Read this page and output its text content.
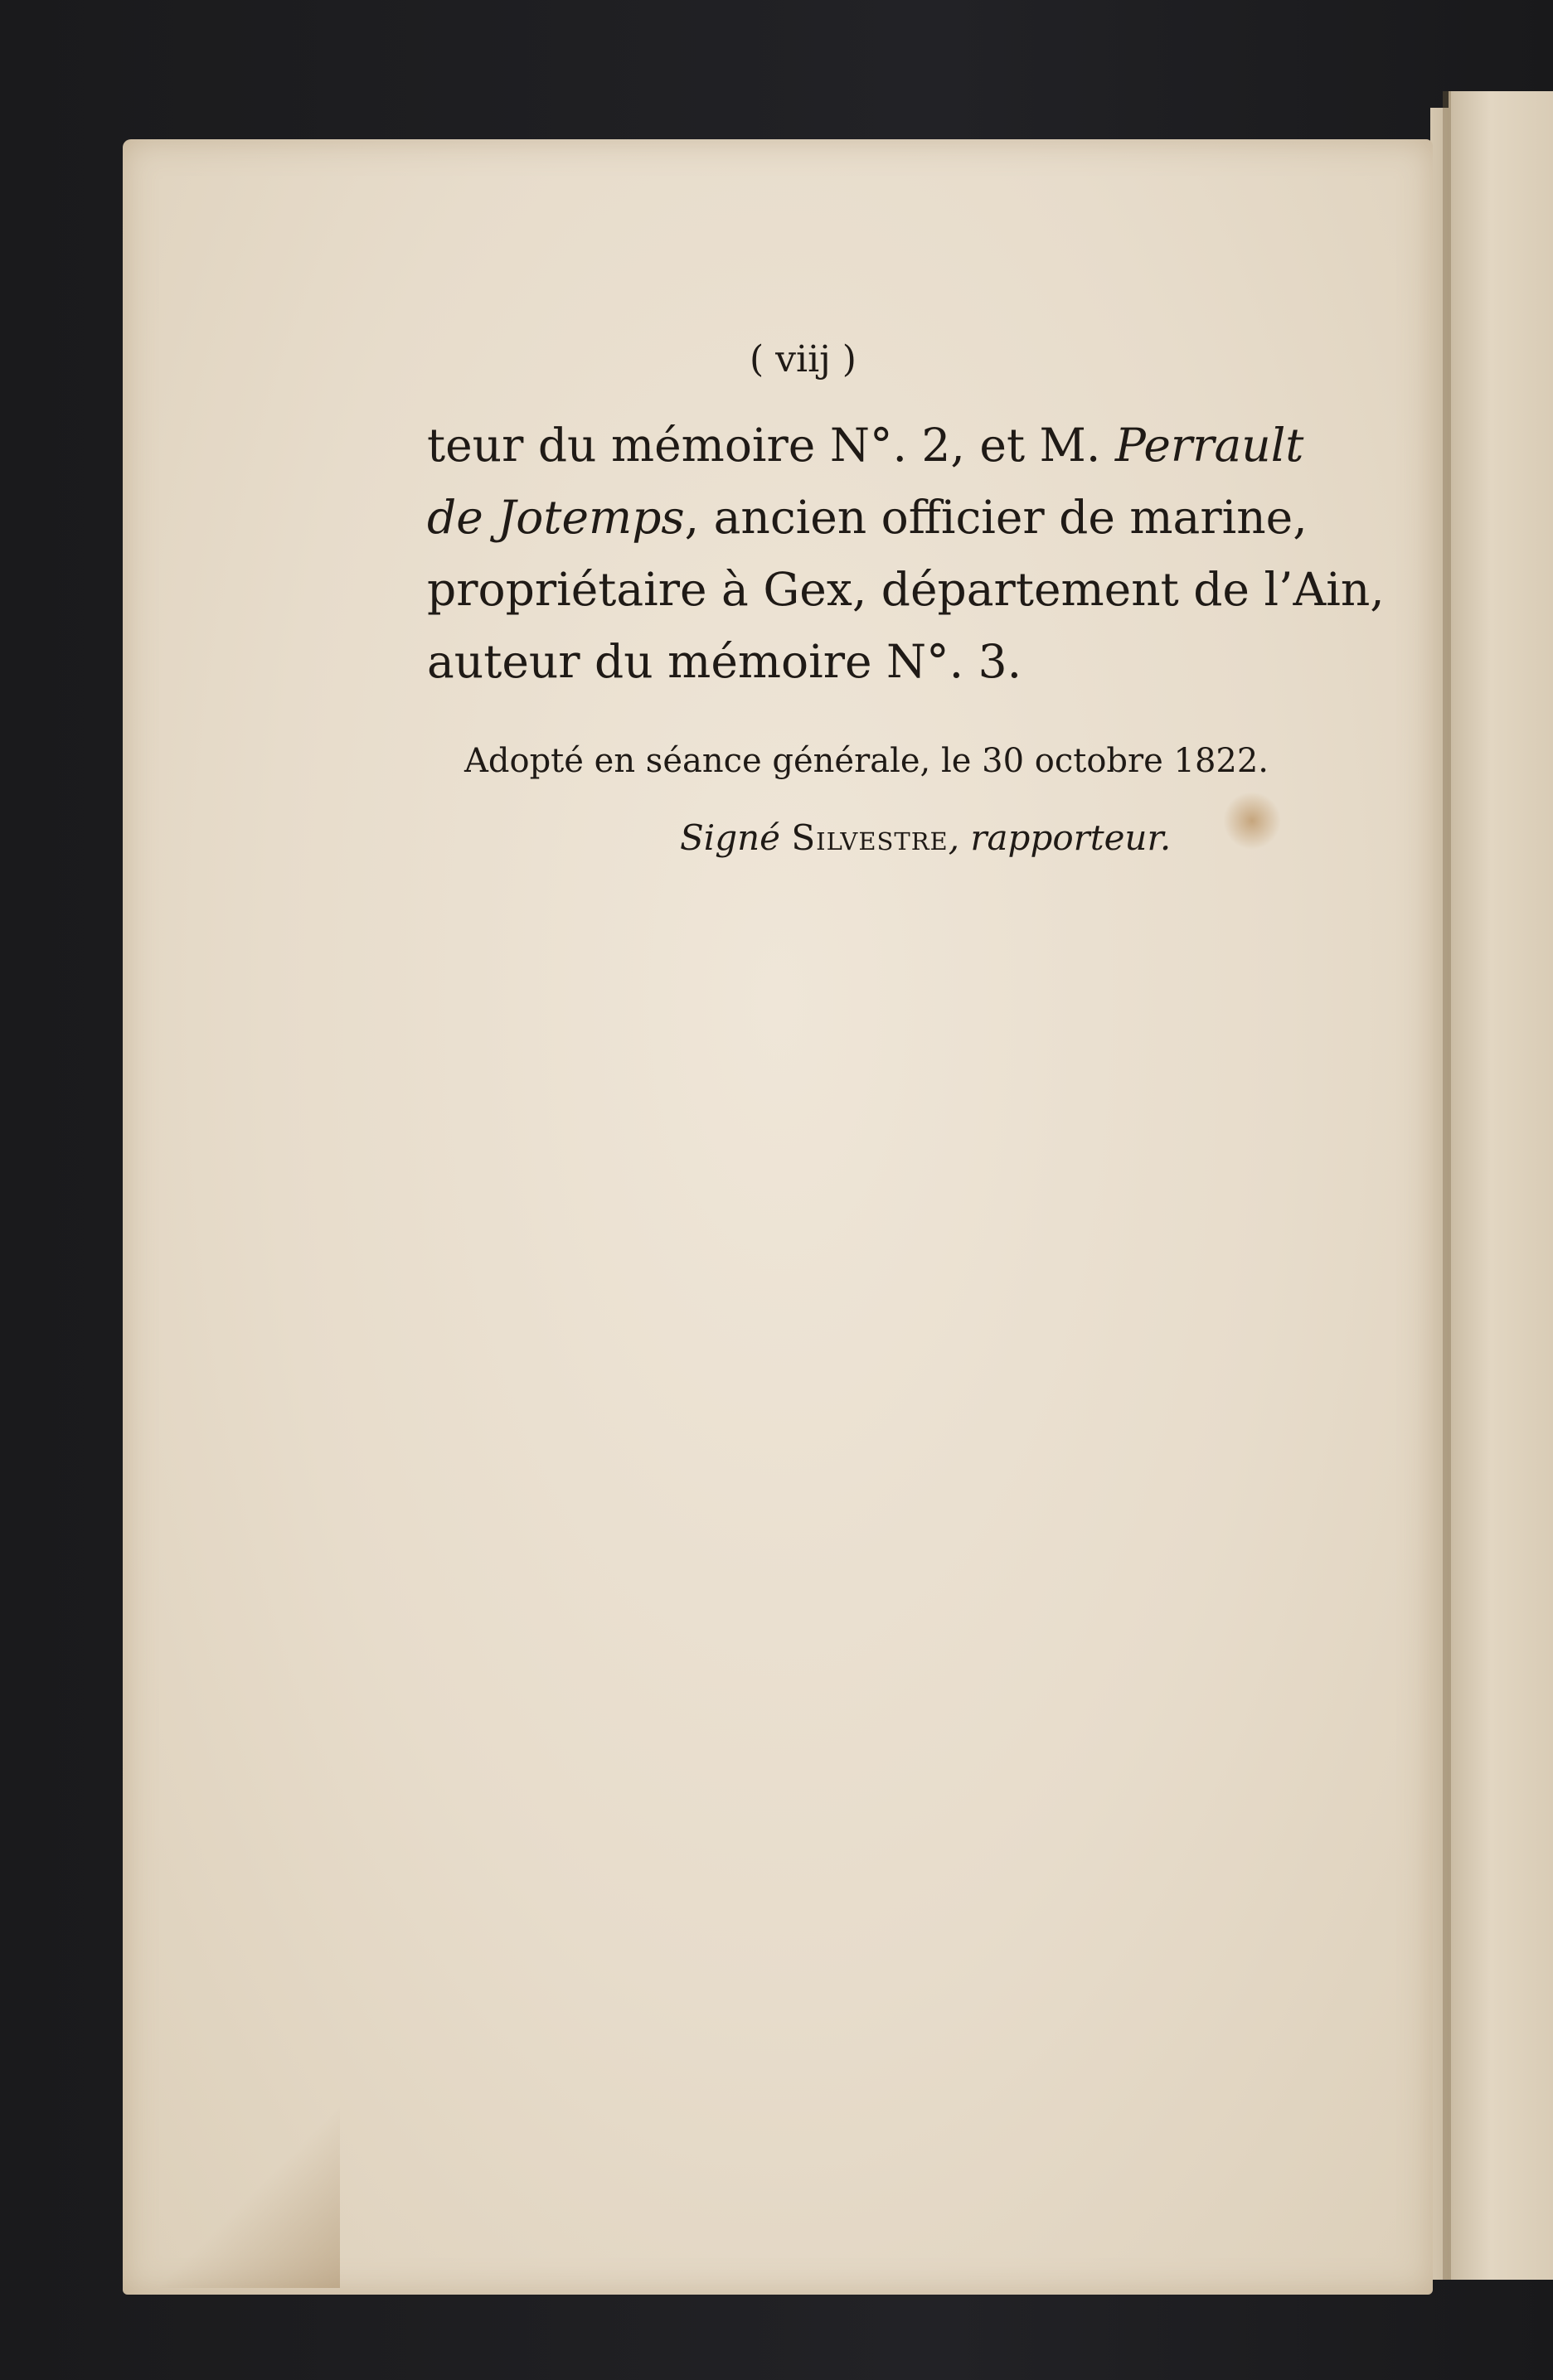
( viij )
teur du mémoire N°. 2, et M. Perrault
de Jotemps, ancien officier de marine,
propriétaire à Gex, département de l’Ain,
auteur du mémoire N°. 3.
Adopté en séance générale, le 30 octobre 1822.
Signé Silvestre, rapporteur.
